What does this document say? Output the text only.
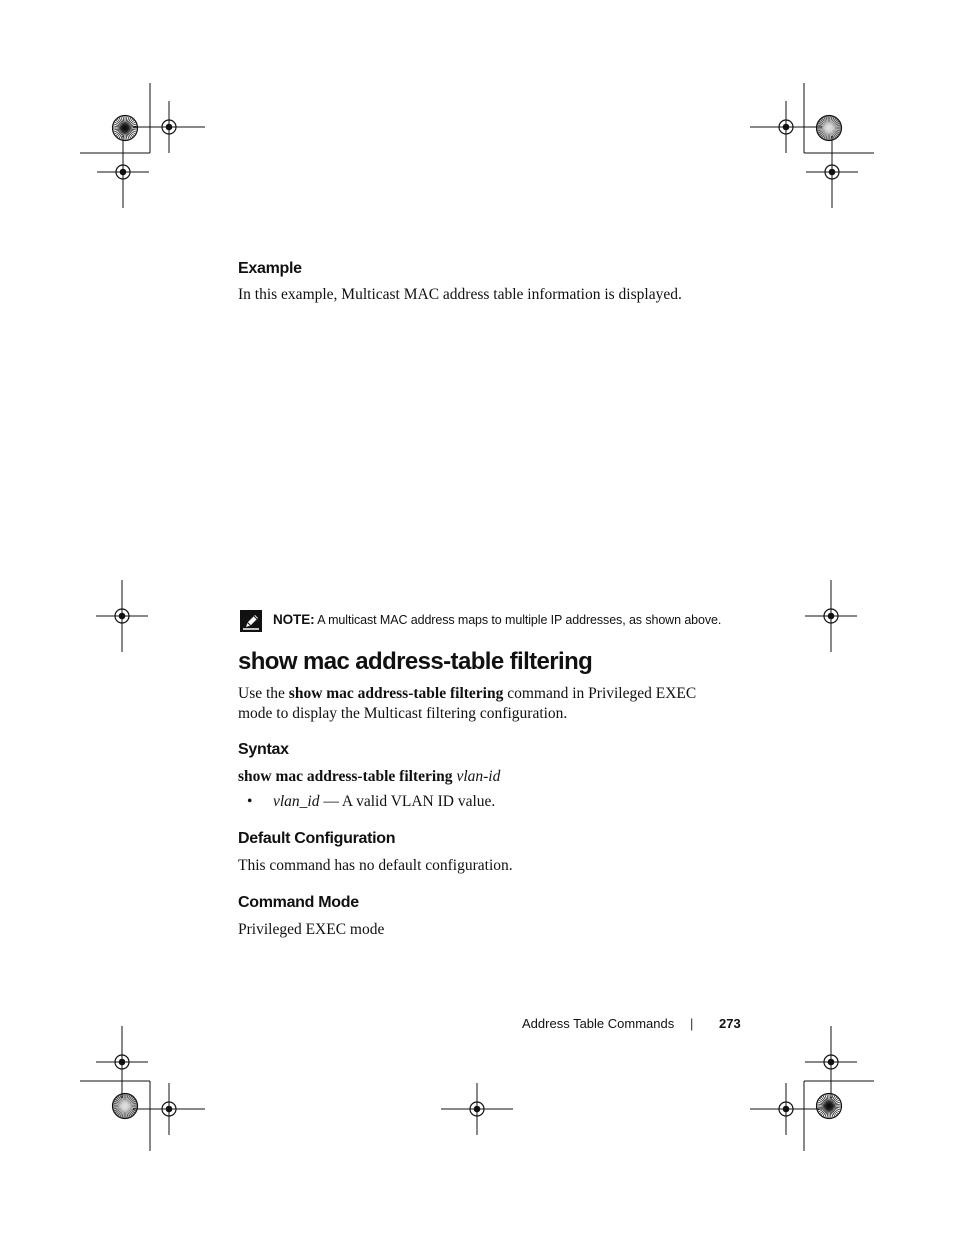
Example

In this example, Multicast MAC address table information is displayed.

NOTE: A multicast MAC address maps to multiple IP addresses, as shown above.
show mac address-table filtering

Use the show mac address-table filtering command in Privileged EXEC

mode to display the Multicast filtering configuration.

Syntax

show mac address-table filtering vlan-id

• vlan_id — A valid VLAN ID value.

Default Configuration

This command has no default configuration.

Command Mode

Privileged EXEC mode

Address Table Commands | 273
